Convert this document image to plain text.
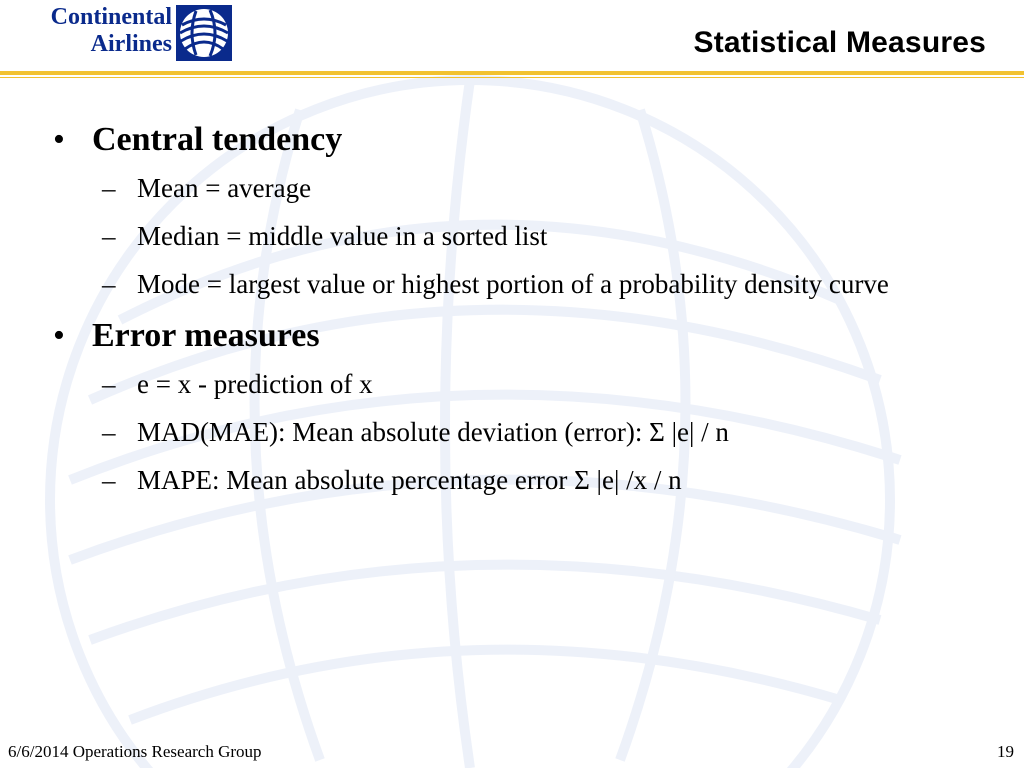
Continental
Airlines	Statistical Measures
• Central tendency
– Mean = average
– Median = middle value in a sorted list
– Mode = largest value or highest portion of a probability density curve
• Error measures
– e = x - prediction of x
– MAD(MAE): Mean absolute deviation (error): Σ |e| / n
– MAPE: Mean absolute percentage error Σ |e| /x / n
6/6/2014 Operations Research Group	19
